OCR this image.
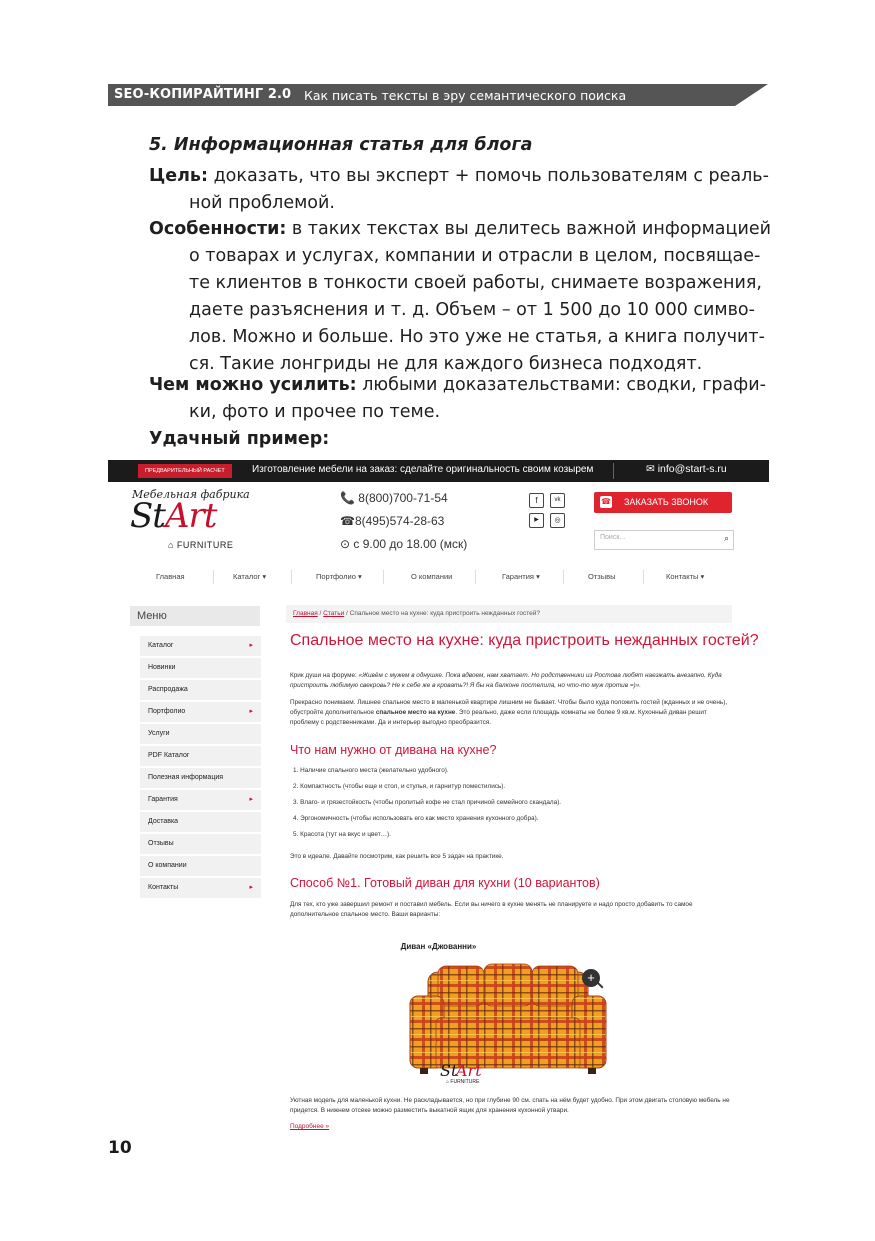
SEO-КОПИРАЙТИНГ 2.0 Как писать тексты в эру семантического поиска
5. Информационная статья для блога
Цель: доказать, что вы эксперт + помочь пользователям с реаль-
ной проблемой.
Особенности: в таких текстах вы делитесь важной информацией
о товарах и услугах, компании и отрасли в целом, посвящае-
те клиентов в тонкости своей работы, снимаете возражения,
даете разъяснения и т. д. Объем – от 1 500 до 10 000 симво-
лов. Можно и больше. Но это уже не статья, а книга получит-
ся. Такие лонгриды не для каждого бизнеса подходят.
Чем можно усилить: любыми доказательствами: сводки, графи-
ки, фото и прочее по теме.
Удачный пример:
ПРЕДВАРИТЕЛЬНЫЙ РАСЧЕТ	Изготовление мебели на заказ: сделайте оригинальность своим козырем	✉ info@start-s.ru
Мебельная фабрика
StArt
⌂ FURNITURE
📞 8(800)700-71-54
☎8(495)574-28-63
⊙ с 9.00 до 18.00 (мск)
f	vk
▶	◎
☎ ЗАКАЗАТЬ ЗВОНОК
Поиск...	⌕
Главная	Каталог ▾	Портфолио ▾	О компании	Гарантия ▾	Отзывы	Контакты ▾
Меню
Каталог	▸
Новинки
Распродажа
Портфолио	▸
Услуги
PDF Каталог
Полезная информация
Гарантия	▸
Доставка
Отзывы
О компании
Контакты	▸
Главная / Статьи / Спальное место на кухне: куда пристроить нежданных гостей?
Спальное место на кухне: куда пристроить нежданных гостей?
Крик души на форуме: «Живём с мужем в однушке. Пока вдвоем, нам хватает. Но родственники из Ростова любят наезжать внезапно. Куда пристроить любимую свекровь? Не к себе же в кровать?! Я бы на балконе постелила, но что-то муж против =)».
Прекрасно понимаем. Лишнее спальное место в маленькой квартире лишним не бывает. Чтобы было куда положить гостей (жданных и не очень), обустройте дополнительное спальное место на кухне. Это реально, даже если площадь комнаты не более 9 кв.м. Кухонный диван решит проблему с родственниками. Да и интерьер выгодно преобразится.
Что нам нужно от дивана на кухне?
1. Наличие спального места (желательно удобного).
2. Компактность (чтобы еще и стол, и стулья, и гарнитур поместились).
3. Влаго- и грязестойкость (чтобы пролитый кофе не стал причиной семейного скандала).
4. Эргономичность (чтобы использовать его как место хранения кухонного добра).
5. Красота (тут на вкус и цвет…).
Это в идеале. Давайте посмотрим, как решить все 5 задач на практике.
Способ №1. Готовый диван для кухни (10 вариантов)
Для тех, кто уже завершил ремонт и поставил мебель. Если вы ничего в кухне менять не планируете и надо просто добавить то самое дополнительное спальное место. Ваши варианты:
Диван «Джованни»
St
Art
⌂ FURNITURE
+
Уютная модель для маленькой кухни. Не раскладывается, но при глубине 90 см. спать на нём будет удобно. При этом двигать столовую мебель не придется. В нижнем отсеке можно разместить выкатной ящик для хранения кухонной утвари.
Подробнее »
10
